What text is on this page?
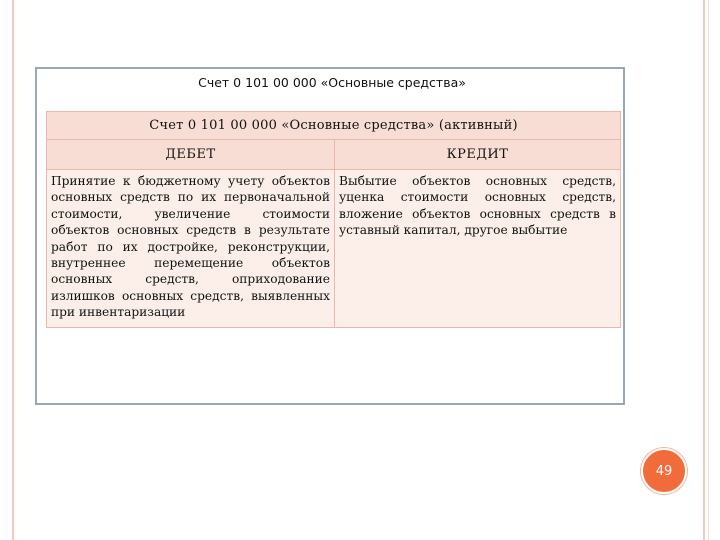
Счет 0 101 00 000 «Основные средства»
Счет 0 101 00 000 «Основные средства» (активный)	
ДЕБЕТ	КРЕДИТ
Принятие к бюджетному учету объектов основных средств по их первоначальной стоимости, увеличение стоимости объектов основных средств в результате работ по их достройке, реконструкции, внутреннее перемещение объектов основных средств, оприходование излишков основных средств, выявленных при инвентаризации	Выбытие объектов основных средств, уценка стоимости основных средств, вложение объектов основных средств в уставный капитал, другое выбытие
49
